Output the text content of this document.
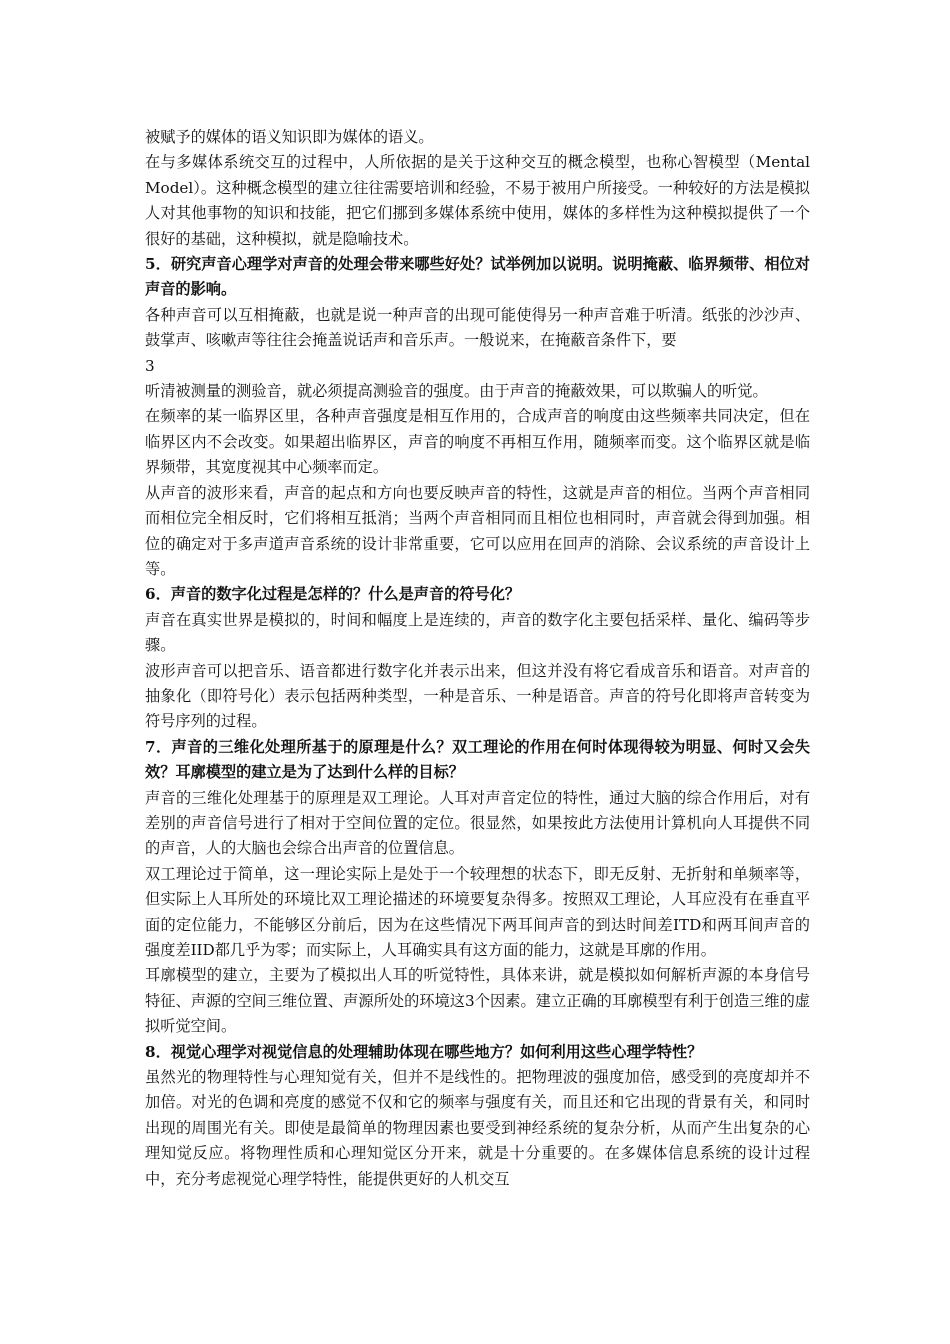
被赋予的媒体的语义知识即为媒体的语义。

在与多媒体系统交互的过程中，人所依据的是关于这种交互的概念模型，也称心智模型（Mental Model）。这种概念模型的建立往往需要培训和经验，不易于被用户所接受。一种较好的方法是模拟人对其他事物的知识和技能，把它们挪到多媒体系统中使用，媒体的多样性为这种模拟提供了一个很好的基础，这种模拟，就是隐喻技术。

5．研究声音心理学对声音的处理会带来哪些好处？试举例加以说明。说明掩蔽、临界频带、相位对声音的影响。

各种声音可以互相掩蔽，也就是说一种声音的出现可能使得另一种声音难于听清。纸张的沙沙声、鼓掌声、咳嗽声等往往会掩盖说话声和音乐声。一般说来，在掩蔽音条件下，要

3

听清被测量的测验音，就必须提高测验音的强度。由于声音的掩蔽效果，可以欺骗人的听觉。

在频率的某一临界区里，各种声音强度是相互作用的，合成声音的响度由这些频率共同决定，但在临界区内不会改变。如果超出临界区，声音的响度不再相互作用，随频率而变。这个临界区就是临界频带，其宽度视其中心频率而定。

从声音的波形来看，声音的起点和方向也要反映声音的特性，这就是声音的相位。当两个声音相同而相位完全相反时，它们将相互抵消；当两个声音相同而且相位也相同时，声音就会得到加强。相位的确定对于多声道声音系统的设计非常重要，它可以应用在回声的消除、会议系统的声音设计上等。

6．声音的数字化过程是怎样的？什么是声音的符号化？

声音在真实世界是模拟的，时间和幅度上是连续的，声音的数字化主要包括采样、量化、编码等步骤。

波形声音可以把音乐、语音都进行数字化并表示出来，但这并没有将它看成音乐和语音。对声音的抽象化（即符号化）表示包括两种类型，一种是音乐、一种是语音。声音的符号化即将声音转变为符号序列的过程。

7．声音的三维化处理所基于的原理是什么？双工理论的作用在何时体现得较为明显、何时又会失效？耳廓模型的建立是为了达到什么样的目标？

声音的三维化处理基于的原理是双工理论。人耳对声音定位的特性，通过大脑的综合作用后，对有差别的声音信号进行了相对于空间位置的定位。很显然，如果按此方法使用计算机向人耳提供不同的声音，人的大脑也会综合出声音的位置信息。

双工理论过于简单，这一理论实际上是处于一个较理想的状态下，即无反射、无折射和单频率等，但实际上人耳所处的环境比双工理论描述的环境要复杂得多。按照双工理论，人耳应没有在垂直平面的定位能力，不能够区分前后，因为在这些情况下两耳间声音的到达时间差ITD和两耳间声音的强度差IID都几乎为零；而实际上，人耳确实具有这方面的能力，这就是耳廓的作用。

耳廓模型的建立，主要为了模拟出人耳的听觉特性，具体来讲，就是模拟如何解析声源的本身信号特征、声源的空间三维位置、声源所处的环境这3个因素。建立正确的耳廓模型有利于创造三维的虚拟听觉空间。

8．视觉心理学对视觉信息的处理辅助体现在哪些地方？如何利用这些心理学特性？

虽然光的物理特性与心理知觉有关，但并不是线性的。把物理波的强度加倍，感受到的亮度却并不加倍。对光的色调和亮度的感觉不仅和它的频率与强度有关，而且还和它出现的背景有关，和同时出现的周围光有关。即使是最简单的物理因素也要受到神经系统的复杂分析，从而产生出复杂的心理知觉反应。将物理性质和心理知觉区分开来，就是十分重要的。在多媒体信息系统的设计过程中，充分考虑视觉心理学特性，能提供更好的人机交互
